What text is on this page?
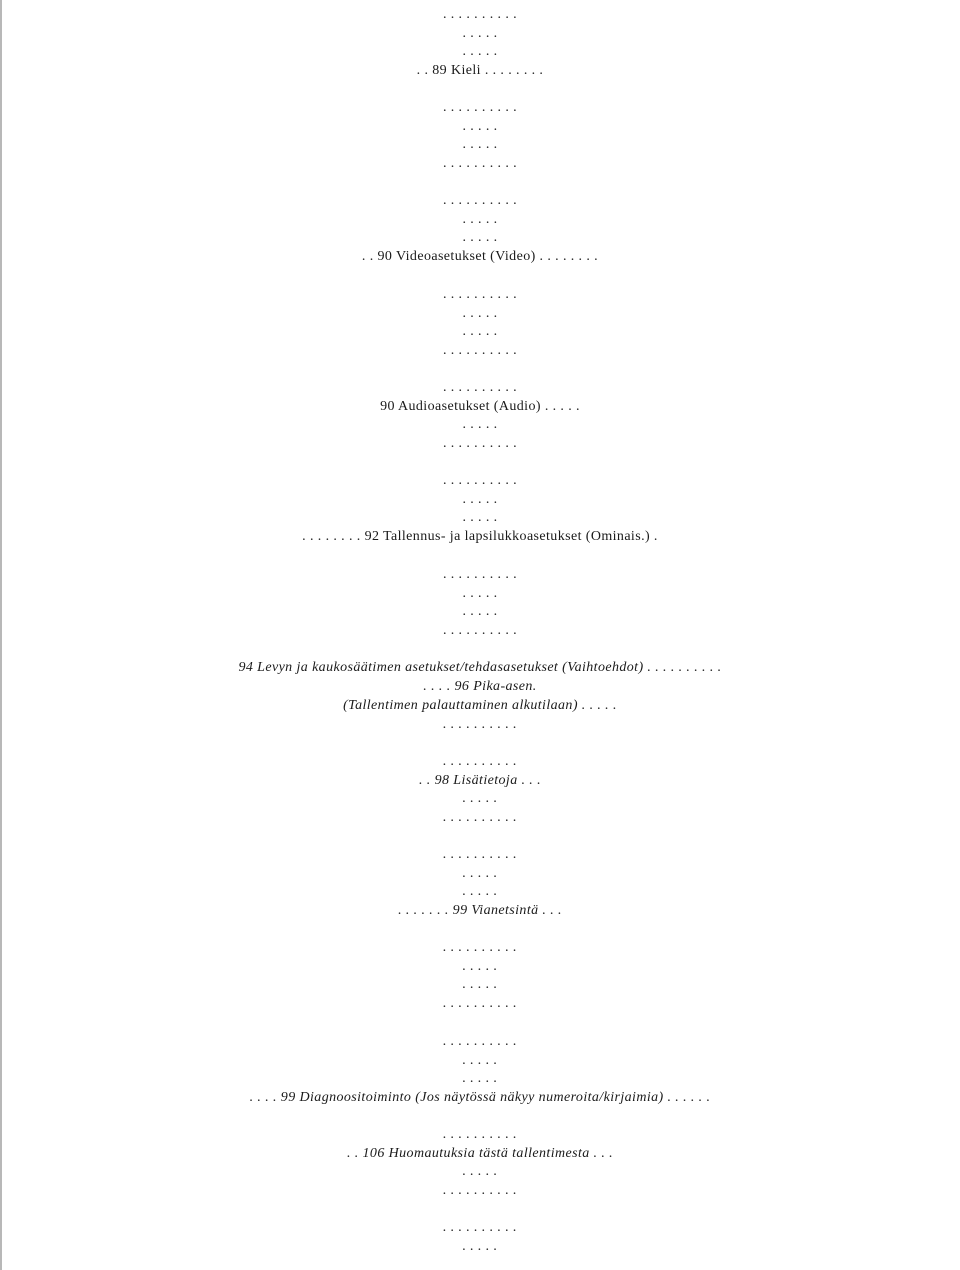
. . . . . . . . . .
. . . . .
. . . . .
. . 89 Kieli . . . . . . . .
. . . . . . . . . .
. . . . .
. . . . .
. . . . . . . . . .
. . . . . . . . . .
. . . . .
. . . . .
. . 90 Videoasetukset (Video) . . . . . . . .
. . . . . . . . . .
. . . . .
. . . . .
. . . . . . . . . .
. . . . . . . . . .
90 Audioasetukset (Audio) . . . . .
. . . . .
. . . . . . . . . .
. . . . . . . . . .
. . . . .
. . . . .
. . . . . . . . 92 Tallennus- ja lapsilukkoasetukset (Ominais.) .
. . . . . . . . . .
. . . . .
. . . . .
. . . . . . . . . .
94 Levyn ja kaukosäätimen asetukset/tehdasasetukset (Vaihtoehdot) . . . . . . . . . .
. . . . 96 Pika-asen.
(Tallentimen palauttaminen alkutilaan) . . . . .
. . . . . . . . . .
. . . . . . . . . .
. . 98 Lisätietoja . . .
. . . . .
. . . . . . . . . .
. . . . . . . . . .
. . . . .
. . . . .
. . . . . . . 99 Vianetsintä . . .
. . . . . . . . . .
. . . . .
. . . . .
. . . . . . . . . .
. . . . . . . . . .
. . . . .
. . . . .
. . . . 99 Diagnoositoiminto (Jos näytössä näkyy numeroita/kirjaimia) . . . . . .
. . . . . . . . . .
. . 106 Huomautuksia tästä tallentimesta . . .
. . . . .
. . . . . . . . . .
. . . . . . . . . .
. . . . .
